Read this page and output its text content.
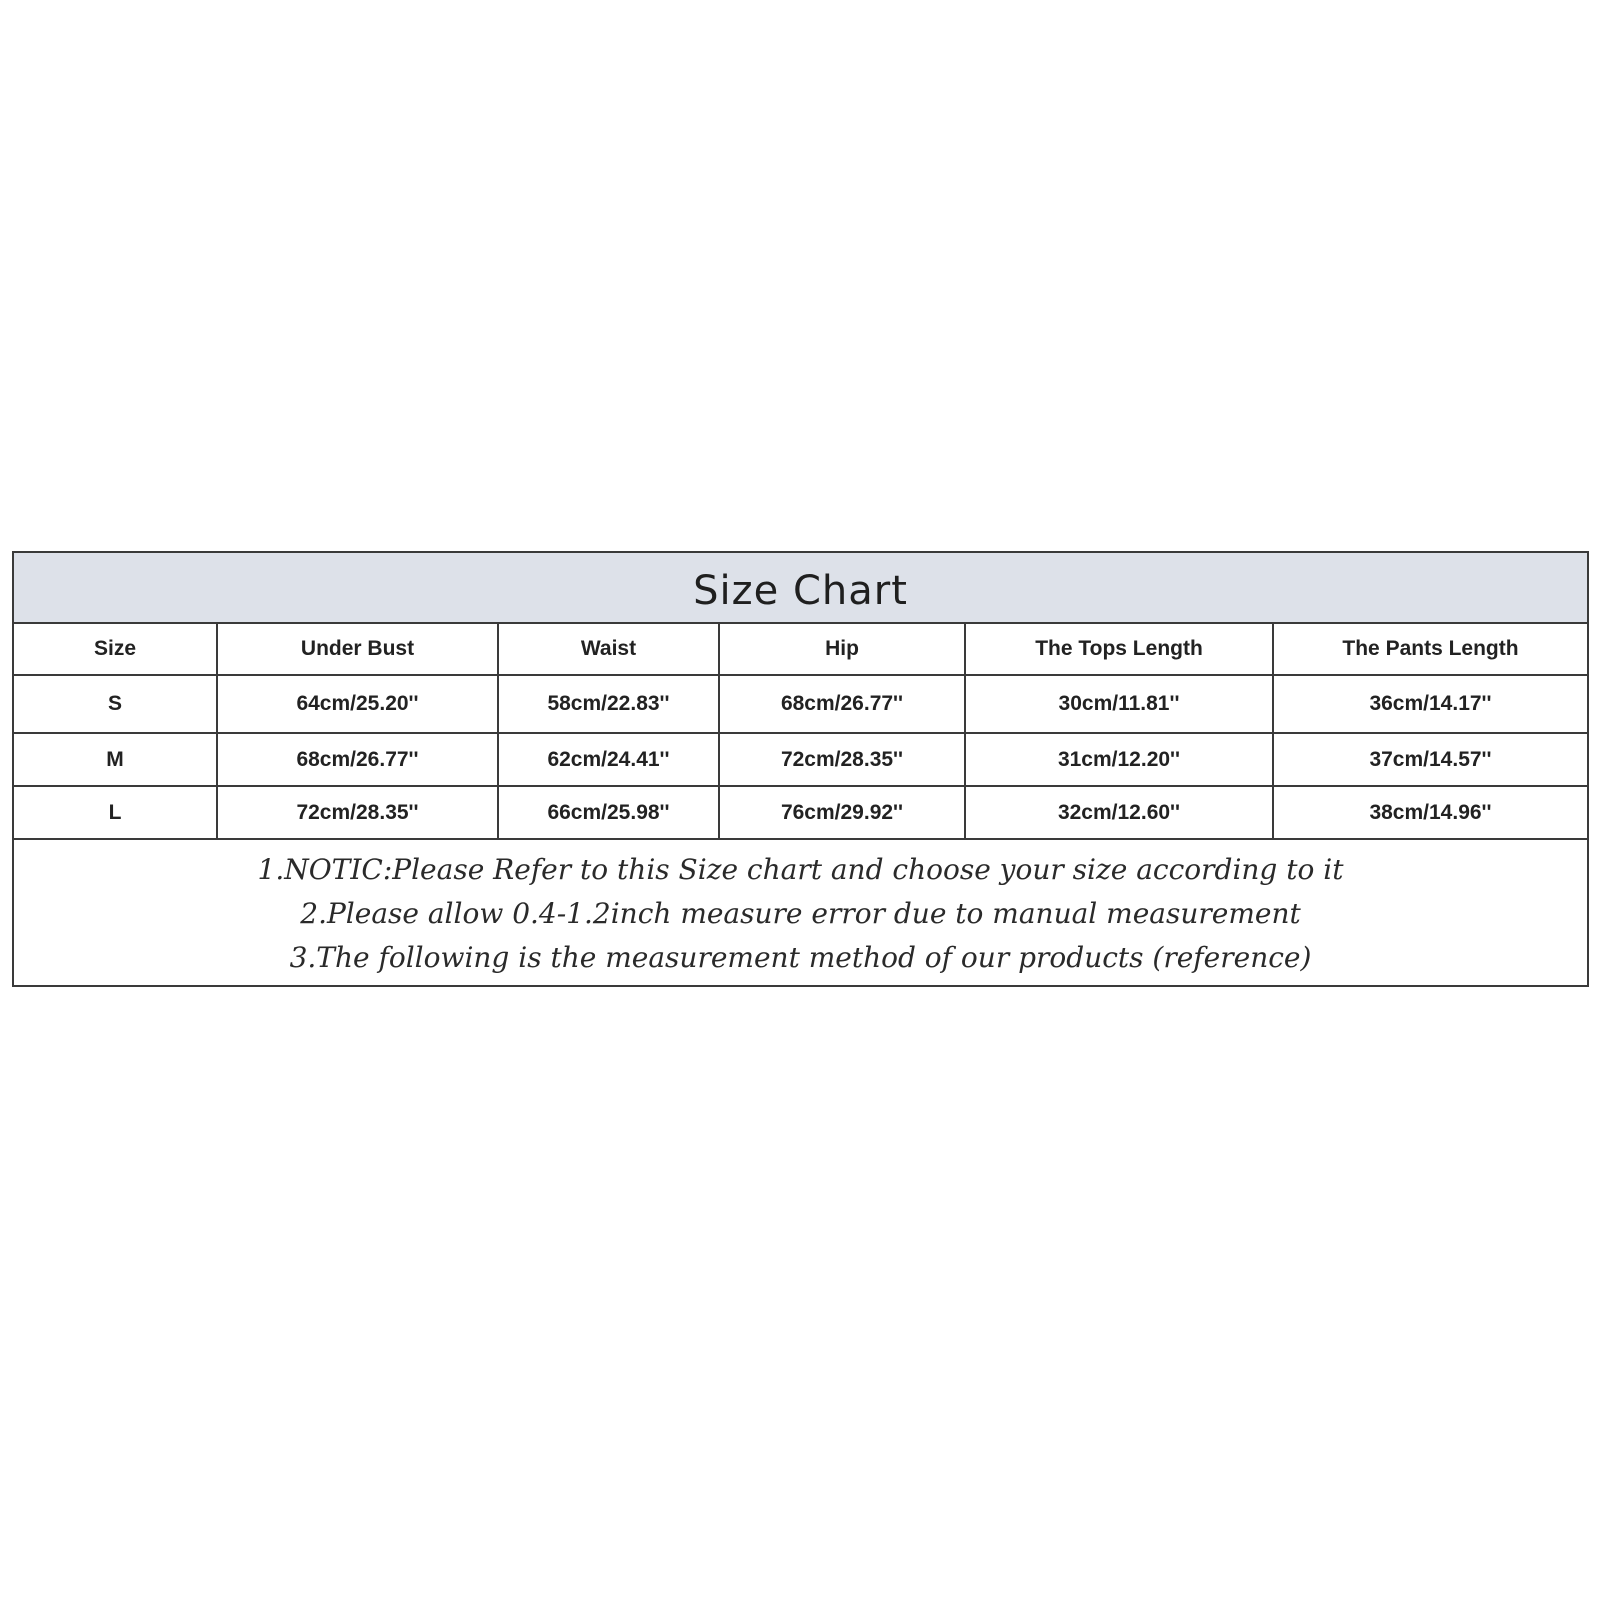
Size Chart
Size	Under Bust	Waist	Hip	The Tops Length	The Pants Length
S	64cm/25.20''	58cm/22.83''	68cm/26.77''	30cm/11.81''	36cm/14.17''
M	68cm/26.77''	62cm/24.41''	72cm/28.35''	31cm/12.20''	37cm/14.57''
L	72cm/28.35''	66cm/25.98''	76cm/29.92''	32cm/12.60''	38cm/14.96''
1.NOTIC:Please Refer to this Size chart and choose your size according to it
2.Please allow 0.4-1.2inch measure error due to manual measurement
3.The following is the measurement method of our products (reference)
